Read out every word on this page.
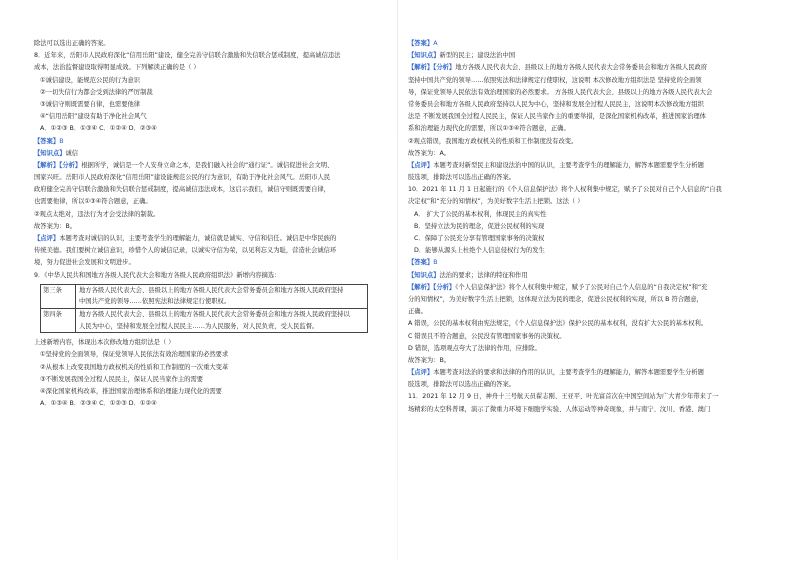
除法可以选出正确的答案。
8．近年来，岳阳市人民政府深化“信用岳阳”建设，健全完善守信联合激励和失信联合惩戒制度，提高诚信违法
成本，法治监督建设取得明显成效。下列解读正确的是（ ）
①诚信建设，能规范公民的行为意识
②一切失信行为都会受到法律的严厉制裁
③诚信守则既需要自律，也需要他律
④“信用岳阳”建设有助于净化社会风气
A．①②③ B．①③④ C．①②④ D．②③④
【答案】B
【知识点】诚信
【解析】【分析】根据所学，诚信是一个人安身立命之本，是我们融入社会的“通行证”。诚信促进社会文明、
国家兴旺。岳阳市人民政府深化“信用岳阳”建设能规范公民的行为意识，有助于净化社会风气。岳阳市人民
政府健全完善守信联合激励和失信联合惩戒制度，提高诚信违法成本，这启示我们，诚信守则既需要自律，
也需要他律，所以①③④符合题意，正确。
②观点太绝对，违法行为才会受法律的制裁。
故答案为：B。
【点评】本题考查对诚信的认识，主要考查学生的理解能力，诚信就是诚实、守信和信任。诚信是中华民族的
传统美德。我们要树立诚信意识，珍惜个人的诚信记录，以诚实守信为荣，以见利忘义为耻，营造社会诚信环
境，努力促进社会发展和文明进步。
9．《中华人民共和国地方各级人民代表大会和地方各级人民政府组织法》新增内容摘选：
第三条	地方各级人民代表大会、县级以上的地方各级人民代表大会常务委员会和地方各级人民政府坚持
中国共产党的领导……依照宪法和法律规定行使职权。
第四条	地方各级人民代表大会、县级以上的地方各级人民代表大会常务委员会和地方各级人民政府坚持以
人民为中心，坚持和发展全过程人民民主……为人民服务，对人民负责，受人民监督。
上述新增内容，体现出本次修改地方组织法是（ ）
①坚持党的全面领导，保证党领导人民依法有效治理国家的必然要求
②从根本上改变我国地方政权机关的性质和工作制度的一次重大变革
③不断发展我国全过程人民民主，保证人民当家作主的需要
④深化国家机构改革，推进国家治理体系和治理能力现代化的需要
A．①③④ B．②③④ C．①②③ D．①②④
【答案】A
【知识点】新型的民主；建设法治中国
【解析】【分析】地方各级人民代表大会、县级以上的地方各级人民代表大会常务委员会和地方各级人民政府
坚持中国共产党的领导……依照宪法和法律规定行使职权，这说明 本次修改地方组织法是 坚持党的全面领
导，保证党领导人民依法有效治理国家的必然要求。 方各级人民代表大会、县级以上的地方各级人民代表大会
常务委员会和地方各级人民政府坚持以人民为中心，坚持和发展全过程人民民主，这说明本次修改地方组织
法是 不断发展我国全过程人民民主，保证人民当家作主的重要举措，是深化国家机构改革，推进国家治理体
系和治理能力现代化的需要，所以①③④符合题意，正确。
②观点错误，我国地方政权机关的性质和工作制度没有改变。
故答案为：A。
【点评】本题考查对新型民主和建设法治中国的认识，主要考查学生的理解能力，解答本题需要学生分析题
肢选项，排除法可以选出正确的答案。
10．2021 年 11 月 1 日起施行的《个人信息保护法》将个人权利集中规定，赋予了公民对自己个人信息的“自我
决定权”和“充分的知情权”，为美好数字生活上把锁。这法（ ）
A． 扩大了公民的基本权利，体现民主的真实性
B．坚持立法为民的理念，促进公民权利的实现
C．保障了公民充分享有管理国家事务的决策权
D．能够从源头上杜绝个人信息侵权行为的发生
【答案】B
【知识点】法治的要求；法律的特征和作用
【解析】【分析】《个人信息保护法》将个人权利集中规定，赋予了公民对自己个人信息的“自我决定权”和“充
分的知情权”，为美好数字生活上把锁，这体现立法为民的理念，促进公民权利的实现，所以 B 符合题意，
正确。
A 错误，公民的基本权利由宪法规定，《个人信息保护法》保护公民的基本权利，没有扩大公民的基本权利。
C 错误且不符合题意，公民没有管理国家事务的决策权。
D 错误，选项观点夸大了法律的作用，应排除。
故答案为：B。
【点评】本题考查对法治的要求和法律的作用的认识，主要考查学生的理解能力，解答本题需要学生分析题
肢选项，排除法可以选出正确的答案。
11．2021 年 12 月 9 日，神舟十三号航天员翟志刚、王亚平、叶光富首次在中国空间站为广大青少年带来了一
场精彩的太空科普课，演示了微重力环境下细胞学实验、人体运动等神奇现象，并与南宁、汶川、香港、澳门
